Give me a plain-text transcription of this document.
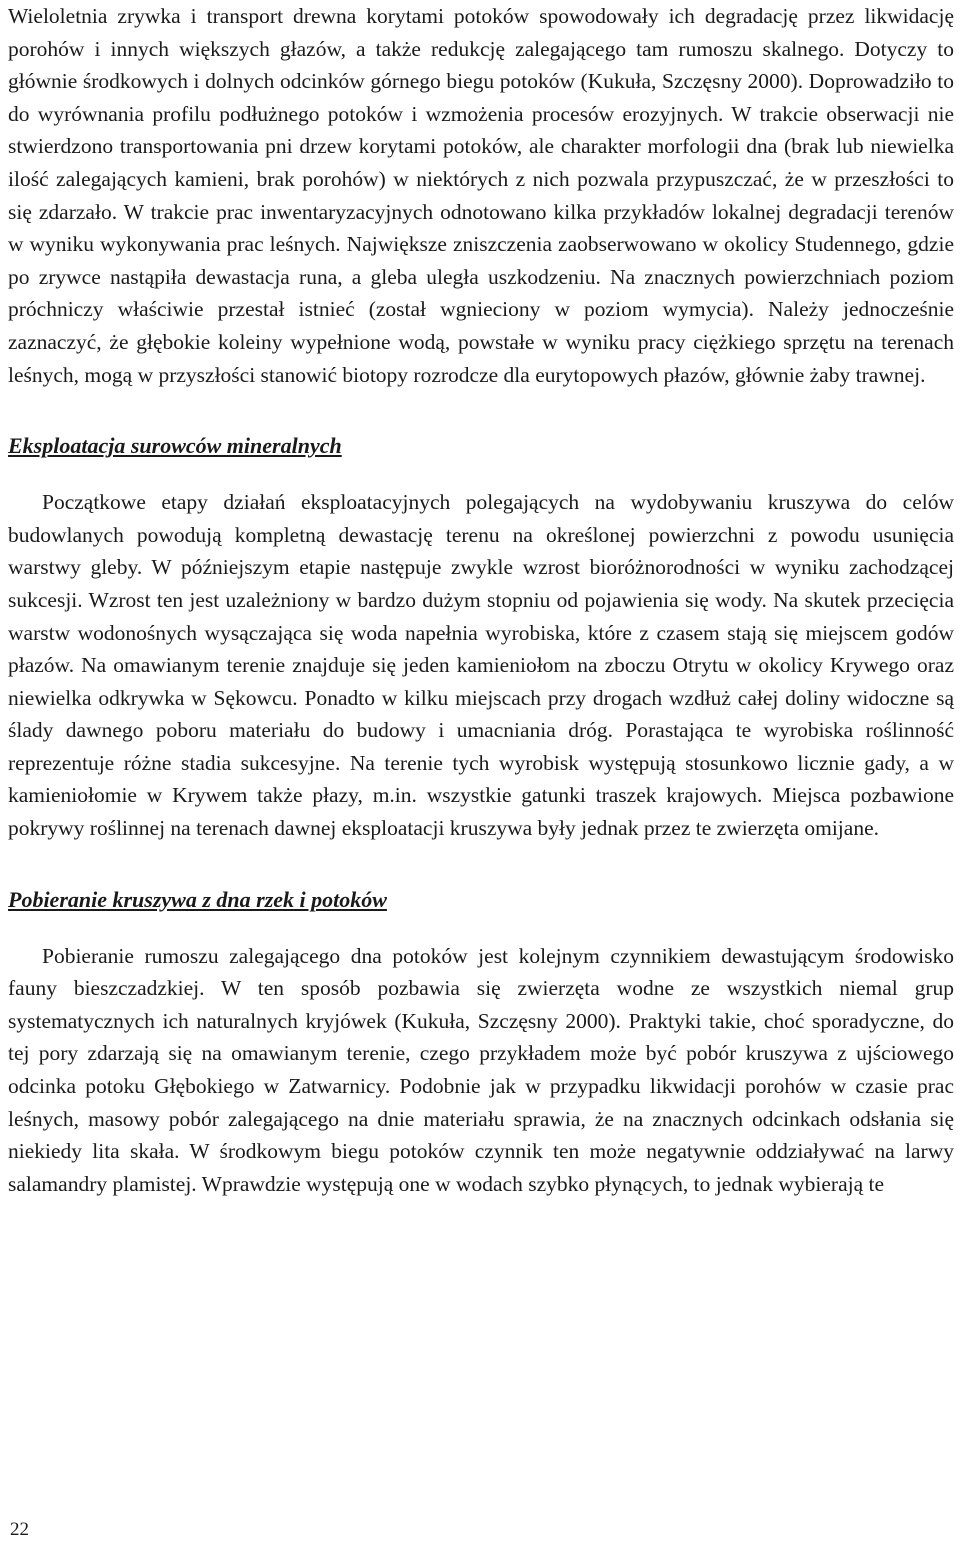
Wieloletnia zrywka i transport drewna korytami potoków spowodowały ich degradację przez likwidację porohów i innych większych głazów, a także redukcję zalegającego tam rumoszu skalnego. Dotyczy to głównie środkowych i dolnych odcinków górnego biegu potoków (Kukuła, Szczęsny 2000). Doprowadziło to do wyrównania profilu podłużnego potoków i wzmożenia procesów erozyjnych. W trakcie obserwacji nie stwierdzono transportowania pni drzew korytami potoków, ale charakter morfologii dna (brak lub niewielka ilość zalegających kamieni, brak porohów) w niektórych z nich pozwala przypuszczać, że w przeszłości to się zdarzało. W trakcie prac inwentaryzacyjnych odnotowano kilka przykładów lokalnej degradacji terenów w wyniku wykonywania prac leśnych. Największe zniszczenia zaobserwowano w okolicy Studennego, gdzie po zrywce nastąpiła dewastacja runa, a gleba uległa uszkodzeniu. Na znacznych powierzchniach poziom próchniczy właściwie przestał istnieć (został wgnieciony w poziom wymycia). Należy jednocześnie zaznaczyć, że głębokie koleiny wypełnione wodą, powstałe w wyniku pracy ciężkiego sprzętu na terenach leśnych, mogą w przyszłości stanowić biotopy rozrodcze dla eurytopowych płazów, głównie żaby trawnej.

Eksploatacja surowców mineralnych

Początkowe etapy działań eksploatacyjnych polegających na wydobywaniu kruszywa do celów budowlanych powodują kompletną dewastację terenu na określonej powierzchni z powodu usunięcia warstwy gleby. W późniejszym etapie następuje zwykle wzrost bioróżnorodności w wyniku zachodzącej sukcesji. Wzrost ten jest uzależniony w bardzo dużym stopniu od pojawienia się wody. Na skutek przecięcia warstw wodonośnych wysączająca się woda napełnia wyrobiska, które z czasem stają się miejscem godów płazów. Na omawianym terenie znajduje się jeden kamieniołom na zboczu Otrytu w okolicy Krywego oraz niewielka odkrywka w Sękowcu. Ponadto w kilku miejscach przy drogach wzdłuż całej doliny widoczne są ślady dawnego poboru materiału do budowy i umacniania dróg. Porastająca te wyrobiska roślinność reprezentuje różne stadia sukcesyjne. Na terenie tych wyrobisk występują stosunkowo licznie gady, a w kamieniołomie w Krywem także płazy, m.in. wszystkie gatunki traszek krajowych. Miejsca pozbawione pokrywy roślinnej na terenach dawnej eksploatacji kruszywa były jednak przez te zwierzęta omijane.

Pobieranie kruszywa z dna rzek i potoków

Pobieranie rumoszu zalegającego dna potoków jest kolejnym czynnikiem dewastującym środowisko fauny bieszczadzkiej. W ten sposób pozbawia się zwierzęta wodne ze wszystkich niemal grup systematycznych ich naturalnych kryjówek (Kukuła, Szczęsny 2000). Praktyki takie, choć sporadyczne, do tej pory zdarzają się na omawianym terenie, czego przykładem może być pobór kruszywa z ujściowego odcinka potoku Głębokiego w Zatwarnicy. Podobnie jak w przypadku likwidacji porohów w czasie prac leśnych, masowy pobór zalegającego na dnie materiału sprawia, że na znacznych odcinkach odsłania się niekiedy lita skała. W środkowym biegu potoków czynnik ten może negatywnie oddziaływać na larwy salamandry plamistej. Wprawdzie występują one w wodach szybko płynących, to jednak wybierają te

22
